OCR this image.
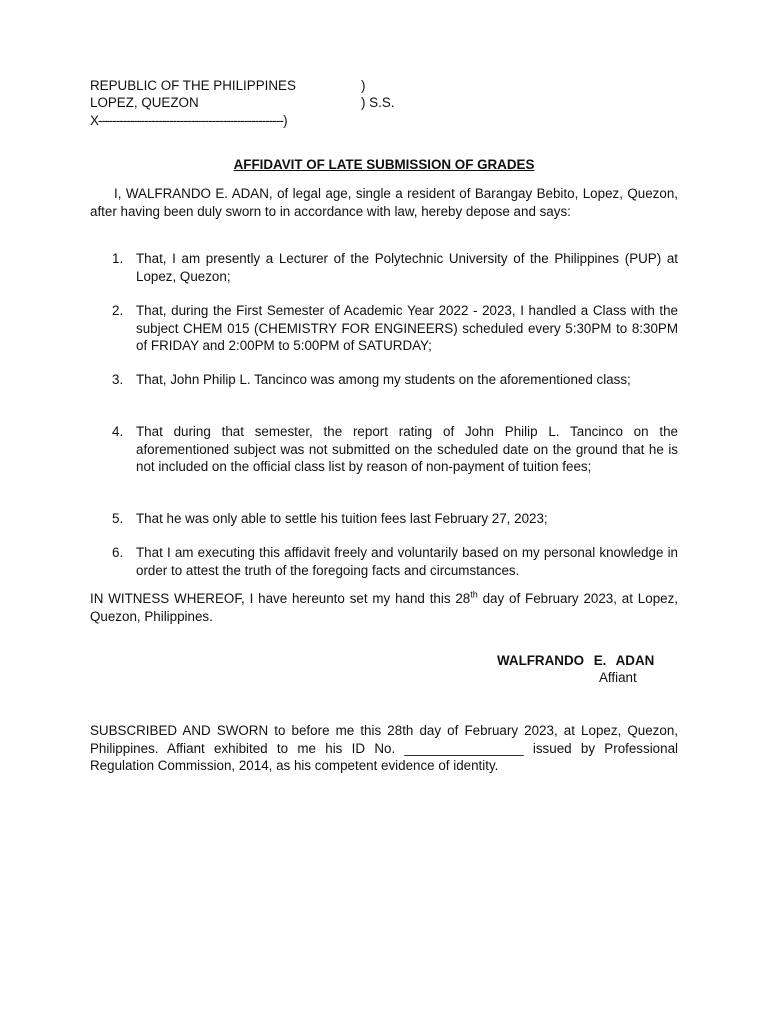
REPUBLIC OF THE PHILIPPINES	)
LOPEZ, QUEZON	) S.S.
X----------------------------------------------------)
AFFIDAVIT OF LATE SUBMISSION OF GRADES
I, WALFRANDO E. ADAN, of legal age, single a resident of Barangay Bebito, Lopez, Quezon, after having been duly sworn to in accordance with law, hereby depose and says:
1. That, I am presently a Lecturer of the Polytechnic University of the Philippines (PUP) at Lopez, Quezon;
2. That, during the First Semester of Academic Year 2022 - 2023, I handled a Class with the subject CHEM 015 (CHEMISTRY FOR ENGINEERS) scheduled every 5:30PM to 8:30PM of FRIDAY and 2:00PM to 5:00PM of SATURDAY;
3. That, John Philip L. Tancinco was among my students on the aforementioned class;
4. That during that semester, the report rating of John Philip L. Tancinco on the aforementioned subject was not submitted on the scheduled date on the ground that he is not included on the official class list by reason of non-payment of tuition fees;
5. That he was only able to settle his tuition fees last February 27, 2023;
6. That I am executing this affidavit freely and voluntarily based on my personal knowledge in order to attest the truth of the foregoing facts and circumstances.
IN WITNESS WHEREOF, I have hereunto set my hand this 28th day of February 2023, at Lopez, Quezon, Philippines.
WALFRANDO E. ADAN
Affiant
SUBSCRIBED AND SWORN to before me this 28th day of February 2023, at Lopez, Quezon, Philippines. Affiant exhibited to me his ID No. ________________ issued by Professional Regulation Commission, 2014, as his competent evidence of identity.
